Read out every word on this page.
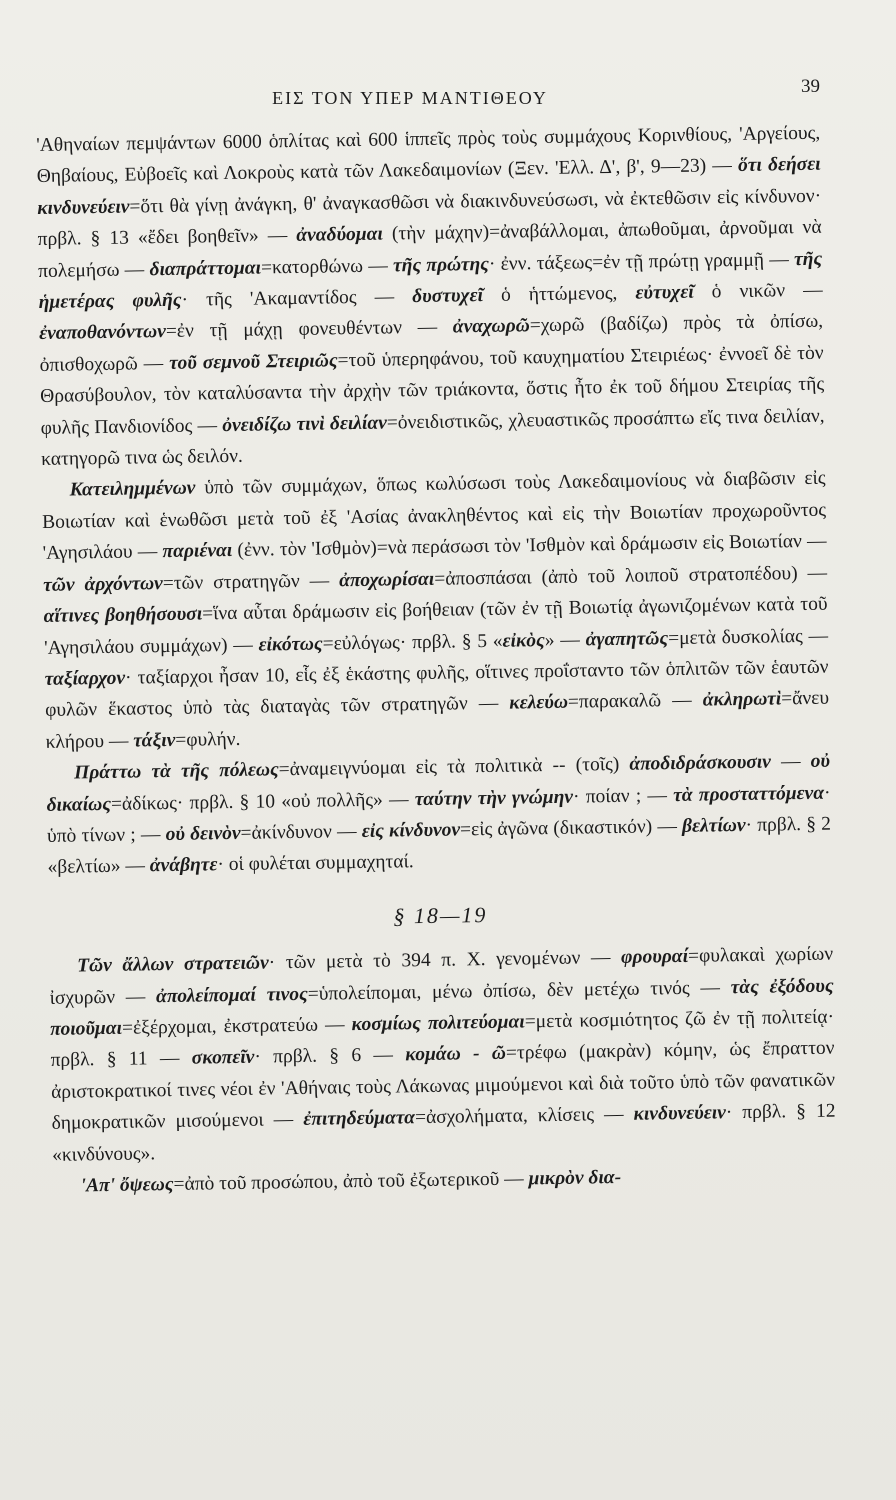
ΕΙΣ ΤΟΝ ΥΠΕΡ ΜΑΝΤΙΘΕΟΥ
39

'Αθηναίων πεμψάντων 6000 ὁπλίτας καὶ 600 ἱππεῖς πρὸς τοὺς συμμάχους Κορινθίους, 'Αργείους, Θηβαίους, Εὐβοεῖς καὶ Λοκροὺς κατὰ τῶν Λακεδαιμονίων (Ξεν. 'Ελλ. Δ', β', 9—23) — ὅτι δεήσει κινδυνεύειν=ὅτι θὰ γίνῃ ἀνάγκη, θ' ἀναγκασθῶσι νὰ διακινδυνεύσωσι, νὰ ἐκτεθῶσιν εἰς κίνδυνον· πρβλ. § 13 «ἔδει βοηθεῖν» — ἀναδύομαι (τὴν μάχην)=ἀναβάλλομαι, ἀπωθοῦμαι, ἀρνοῦμαι νὰ πολεμήσω — διαπράττομαι=κατορθώνω — τῆς πρώτης· ἐνν. τάξεως=ἐν τῇ πρώτῃ γραμμῇ — τῆς ἡμετέρας φυλῆς· τῆς 'Ακαμαντίδος — δυστυχεῖ ὁ ἡττώμενος, εὐτυχεῖ ὁ νικῶν — ἐναποθανόντων=ἐν τῇ μάχῃ φονευθέντων — ἀναχωρῶ=χωρῶ (βαδίζω) πρὸς τὰ ὀπίσω, ὀπισθοχωρῶ — τοῦ σεμνοῦ Στειριῶς=τοῦ ὑπερηφάνου, τοῦ καυχηματίου Στειριέως· ἐννοεῖ δὲ τὸν Θρασύβουλον, τὸν καταλύσαντα τὴν ἀρχὴν τῶν τριάκοντα, ὅστις ἦτο ἐκ τοῦ δήμου Στειρίας τῆς φυλῆς Πανδιονίδος — ὀνειδίζω τινὶ δειλίαν=ὀνειδιστικῶς, χλευαστικῶς προσάπτω εἴς τινα δειλίαν, κατηγορῶ τινα ὡς δειλόν.

Κατειλημμένων ὑπὸ τῶν συμμάχων, ὅπως κωλύσωσι τοὺς Λακεδαιμονίους νὰ διαβῶσιν εἰς Βοιωτίαν καὶ ἑνωθῶσι μετὰ τοῦ ἐξ 'Ασίας ἀνακληθέντος καὶ εἰς τὴν Βοιωτίαν προχωροῦντος 'Αγησιλάου — παριέναι (ἐνν. τὸν 'Ισθμὸν)=νὰ περάσωσι τὸν 'Ισθμὸν καὶ δράμωσιν εἰς Βοιωτίαν — τῶν ἀρχόντων=τῶν στρατηγῶν — ἀποχωρίσαι=ἀποσπάσαι (ἀπὸ τοῦ λοιποῦ στρατοπέδου) — αἵτινες βοηθήσουσι=ἵνα αὗται δράμωσιν εἰς βοήθειαν (τῶν ἐν τῇ Βοιωτίᾳ ἀγωνιζομένων κατὰ τοῦ 'Αγησιλάου συμμάχων) — εἰκότως=εὐλόγως· πρβλ. § 5 «εἰκὸς» — ἀγαπητῶς=μετὰ δυσκολίας — ταξίαρχον· ταξίαρχοι ἦσαν 10, εἷς ἐξ ἑκάστης φυλῆς, οἵτινες προΐσταντο τῶν ὁπλιτῶν τῶν ἑαυτῶν φυλῶν ἕκαστος ὑπὸ τὰς διαταγὰς τῶν στρατηγῶν — κελεύω=παρακαλῶ — ἀκληρωτὶ=ἄνευ κλήρου — τάξιν=φυλήν.

Πράττω τὰ τῆς πόλεως=ἀναμειγνύομαι εἰς τὰ πολιτικὰ -- (τοῖς) ἀποδιδράσκουσιν — οὐ δικαίως=ἀδίκως· πρβλ. § 10 «οὐ πολλῆς» — ταύτην τὴν γνώμην· ποίαν ; — τὰ προσταττόμενα· ὑπὸ τίνων ; — οὐ δεινὸν=ἀκίνδυνον — εἰς κίνδυνον=εἰς ἀγῶνα (δικαστικόν) — βελτίων· πρβλ. § 2 «βελτίω» — ἀνάβητε· οἱ φυλέται συμμαχηταί.

§ 18—19

Τῶν ἄλλων στρατειῶν· τῶν μετὰ τὸ 394 π. Χ. γενομένων — φρουραί=φυλακαὶ χωρίων ἰσχυρῶν — ἀπολείπομαί τινος=ὑπολείπομαι, μένω ὀπίσω, δὲν μετέχω τινός — τὰς ἐξόδους ποιοῦμαι=ἐξέρχομαι, ἐκστρατεύω — κοσμίως πολιτεύομαι=μετὰ κοσμιότητος ζῶ ἐν τῇ πολιτείᾳ· πρβλ. § 11 — σκοπεῖν· πρβλ. § 6 — κομάω - ῶ=τρέφω (μακρὰν) κόμην, ὡς ἔπραττον ἀριστοκρατικοί τινες νέοι ἐν 'Αθήναις τοὺς Λάκωνας μιμούμενοι καὶ διὰ τοῦτο ὑπὸ τῶν φανατικῶν δημοκρατικῶν μισούμενοι — ἐπιτηδεύματα=ἀσχολήματα, κλίσεις — κινδυνεύειν· πρβλ. § 12 «κινδύνους».

'Απ' ὄψεως=ἀπὸ τοῦ προσώπου, ἀπὸ τοῦ ἐξωτερικοῦ — μικρὸν δια-
